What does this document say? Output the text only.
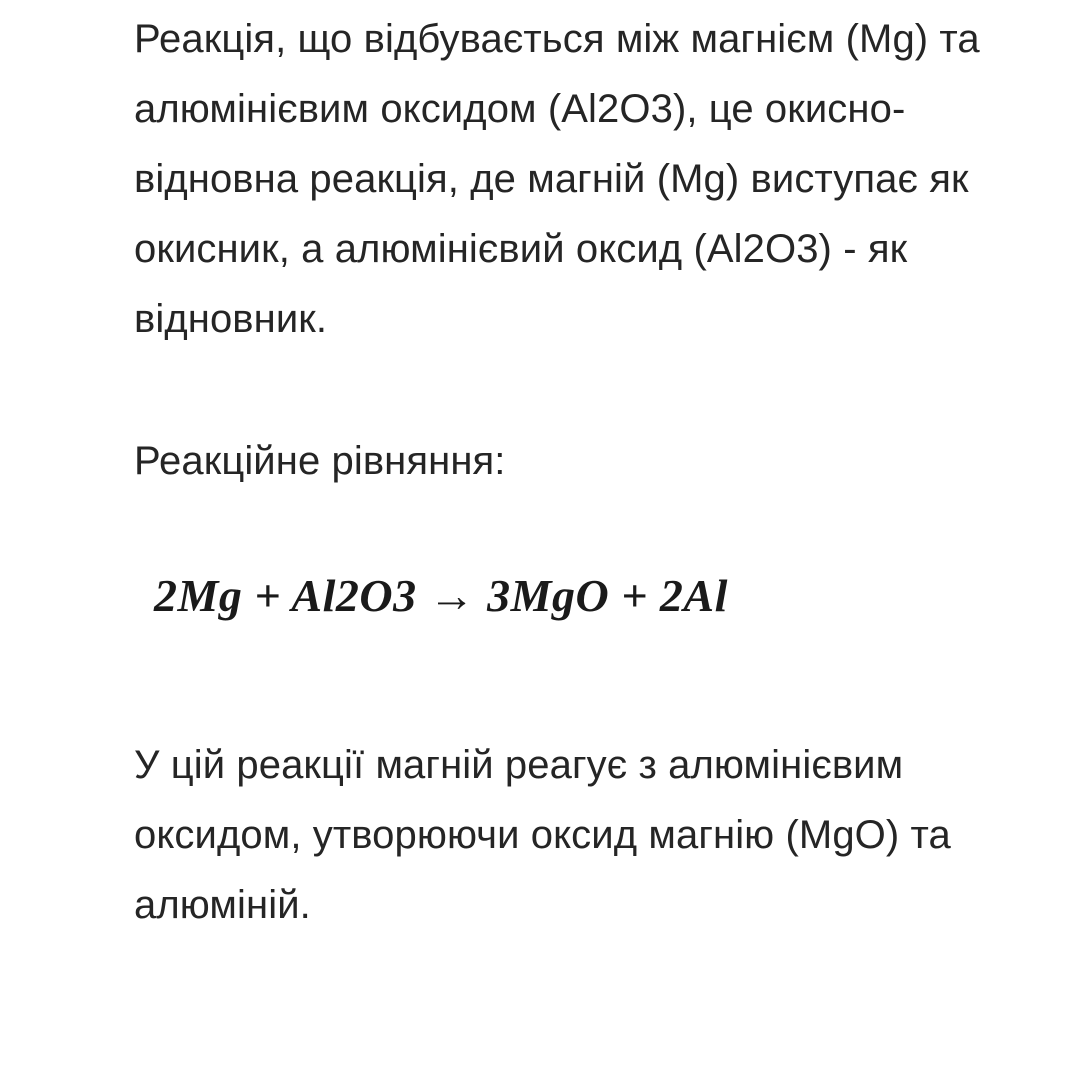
Реакція, що відбувається між магнієм (Mg) та алюмінієвим оксидом (Al2O3), це окисно-відновна реакція, де магній (Mg) виступає як окисник, а алюмінієвий оксид (Al2O3) - як відновник.

Реакційне рівняння:

2Mg + Al2O3 → 3MgO + 2Al

У цій реакції магній реагує з алюмінієвим оксидом, утворюючи оксид магнію (MgO) та алюміній.
